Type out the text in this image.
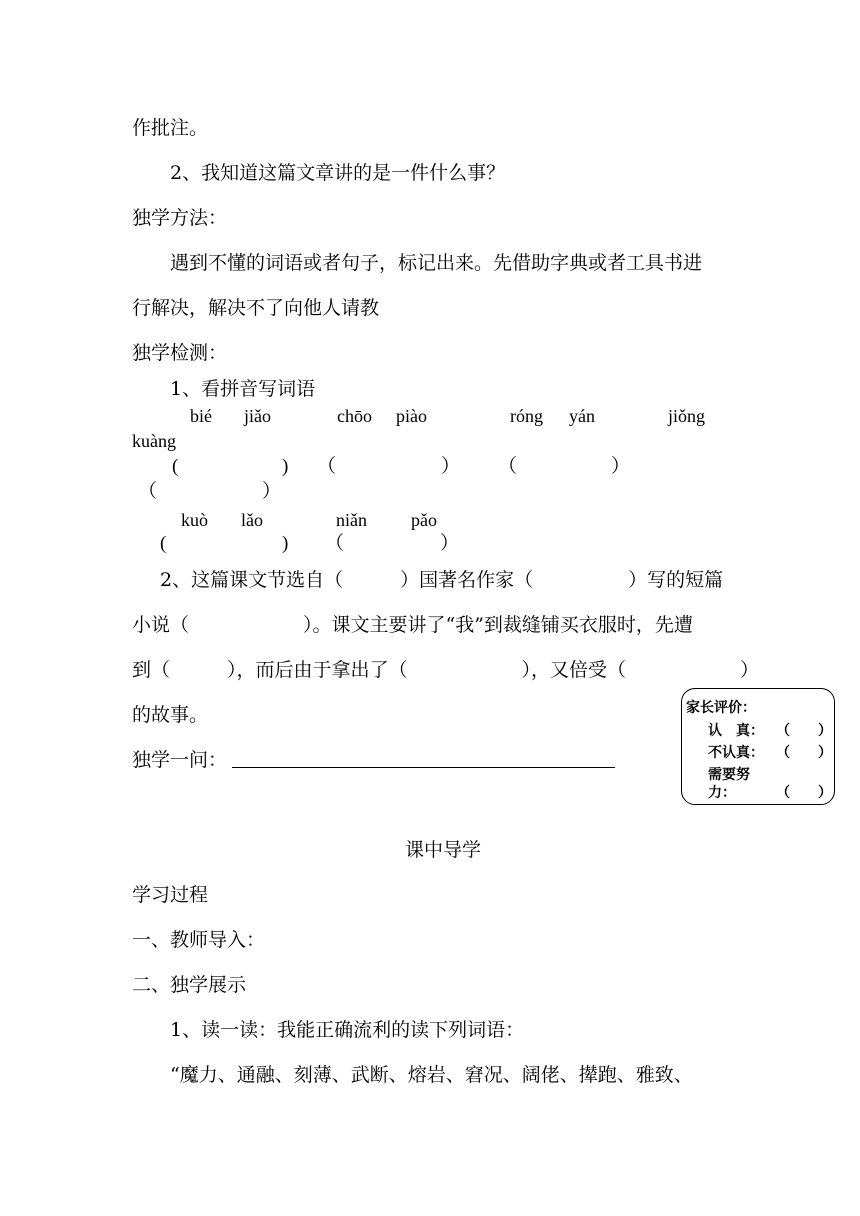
作批注。
2、我知道这篇文章讲的是一件什么事？
独学方法：
遇到不懂的词语或者句子，标记出来。先借助字典或者工具书进
行解决，解决不了向他人请教
独学检测：
1、看拼音写词语
bié jiǎo	chōo piào	róng yán	jiǒng
kuàng
(	) （	） （	）
（	）
kuò lǎo	niǎn pǎo
(	) （	）
2、这篇课文节选自（　　　）国著名作家（　　　　　）写的短篇
小说（　　　　　　）。课文主要讲了“我”到裁缝铺买衣服时，先遭
到（　　　），而后由于拿出了（　　　　　　），又倍受（　　　　　　）
的故事。
独学一问：
家长评价：
认　真： （　　）
不认真： （　　）
需要努力：	（　　）
课中导学
学习过程
一、教师导入：
二、独学展示
1、读一读：我能正确流利的读下列词语：
“魔力、通融、刻薄、武断、熔岩、窘况、阔佬、撵跑、雅致、
